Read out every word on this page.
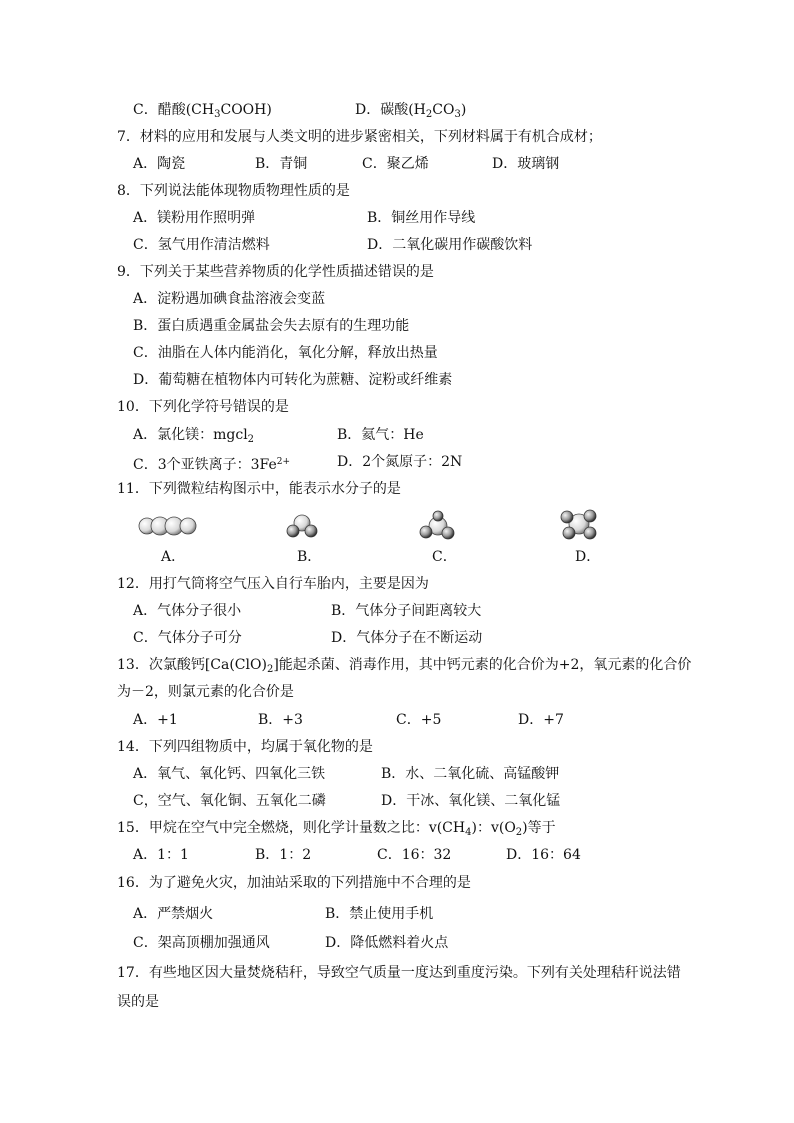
C．醋酸$(CH_3COOH)$	D．碳酸$(H_2CO_3)$
7．材料的应用和发展与人类文明的进步紧密相关，下列材料属于有机合成材；
A．陶瓷	B．青铜	C．聚乙烯	D．玻璃钢
8．下列说法能体现物质物理性质的是
A．镁粉用作照明弹	B．铜丝用作导线
C．氢气用作清洁燃料	D．二氧化碳用作碳酸饮料
9．下列关于某些营养物质的化学性质描述错误的是
A．淀粉遇加碘食盐溶液会变蓝
B．蛋白质遇重金属盐会失去原有的生理功能
C．油脂在人体内能消化，氧化分解，释放出热量
D．葡萄糖在植物体内可转化为蔗糖、淀粉或纤维素
10．下列化学符号错误的是
A．氯化镁：mgcl$_2$	B．氦气：He
C．3个亚铁离子：$3Fe^{2+}$	D．2个氮原子：2N
11．下列微粒结构图示中，能表示水分子的是
A．	B．	C．	D．
12．用打气筒将空气压入自行车胎内，主要是因为
A．气体分子很小	B．气体分子间距离较大
C．气体分子可分	D．气体分子在不断运动
13．次氯酸钙$[Ca(ClO)_2]$能起杀菌、消毒作用，其中钙元素的化合价为+2，氧元素的化合价
为－2，则氯元素的化合价是
A．+1	B．+3	C．+5	D．+7
14．下列四组物质中，均属于氧化物的是
A．氧气、氧化钙、四氧化三铁	B．水、二氧化硫、高锰酸钾
C，空气、氧化铜、五氧化二磷	D．干冰、氧化镁、二氧化锰
15．甲烷在空气中完全燃烧，则化学计量数之比：$v(CH_4)$：$v(O_2)$等于
A．1：1	B．1：2	C．16：32	D．16：64
16．为了避免火灾，加油站采取的下列措施中不合理的是
A．严禁烟火	B．禁止使用手机
C．架高顶棚加强通风	D．降低燃料着火点
17．有些地区因大量焚烧秸秆，导致空气质量一度达到重度污染。下列有关处理秸秆说法错
误的是
